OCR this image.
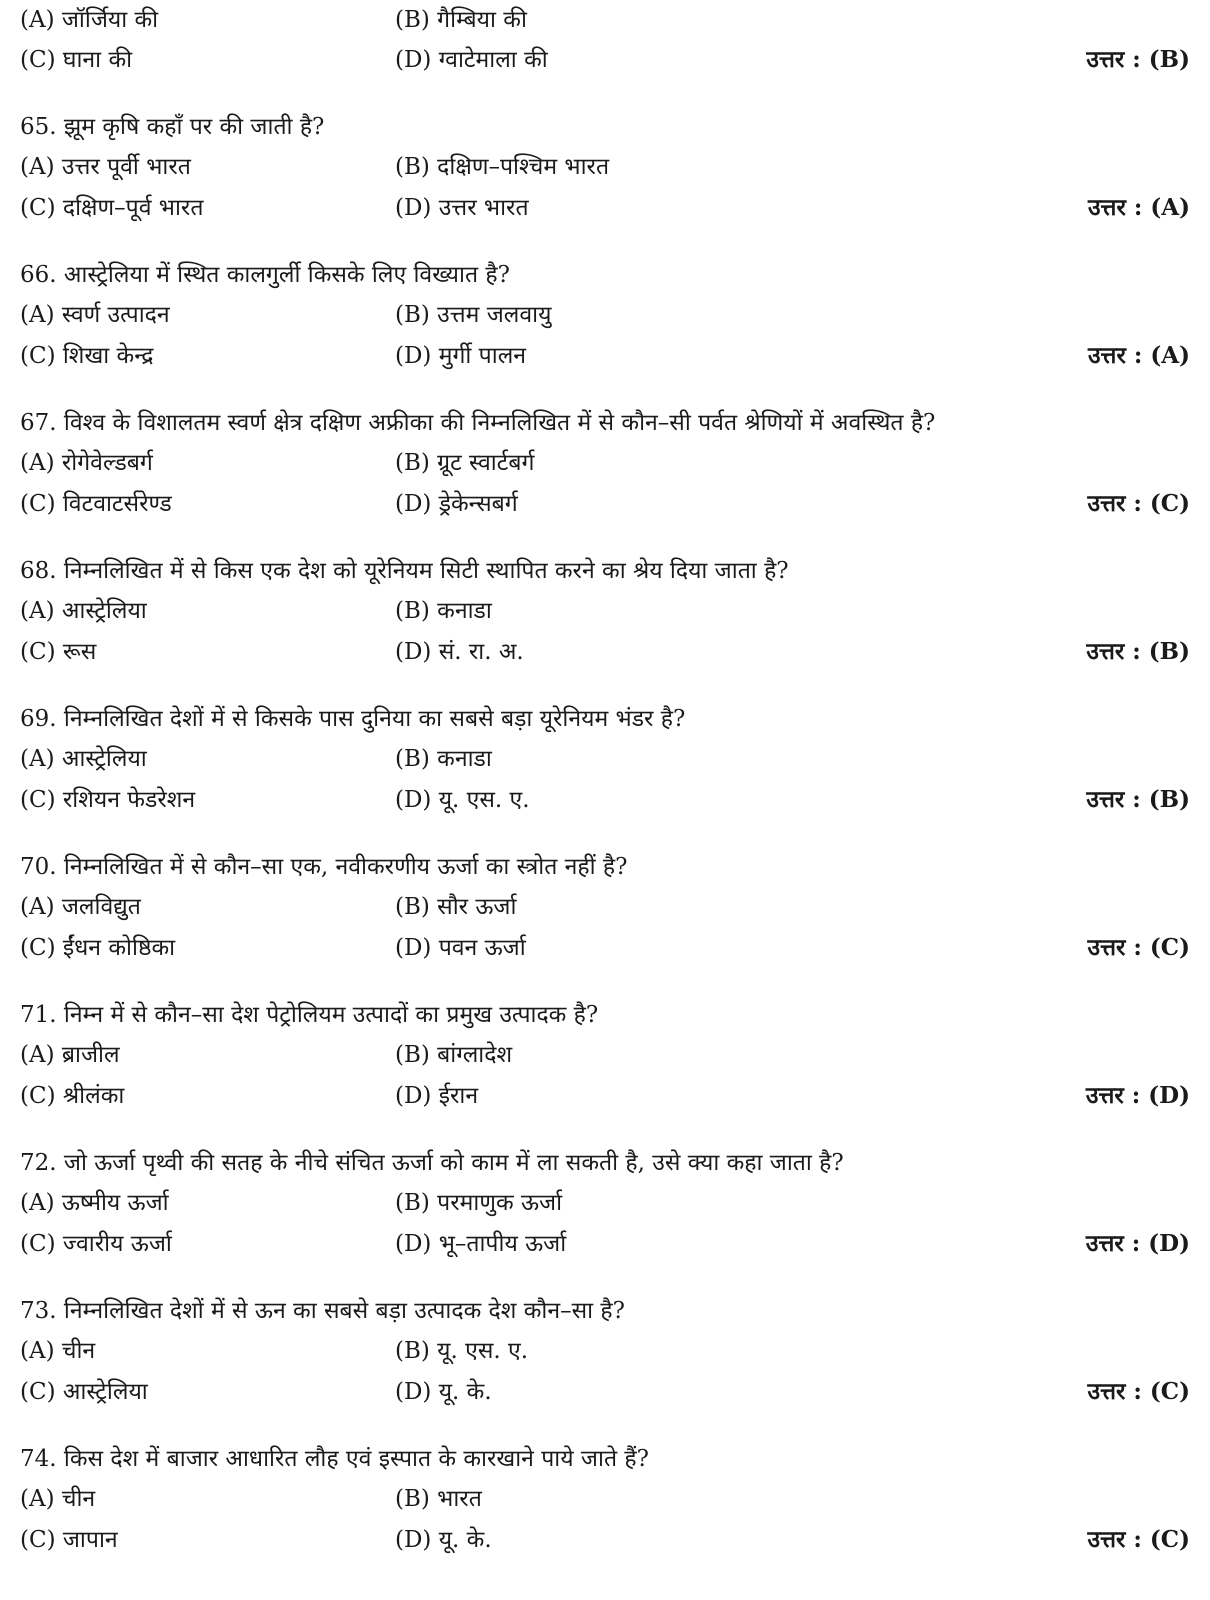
(A) जॉर्जिया की	(B) गैम्बिया की
(C) घाना की	(D) ग्वाटेमाला की	उत्तर : (B)
65. झूम कृषि कहाँ पर की जाती है?
(A) उत्तर पूर्वी भारत	(B) दक्षिण–पश्चिम भारत
(C) दक्षिण–पूर्व भारत	(D) उत्तर भारत	उत्तर : (A)
66. आस्ट्रेलिया में स्थित कालगुर्ली किसके लिए विख्यात है?
(A) स्वर्ण उत्पादन	(B) उत्तम जलवायु
(C) शिखा केन्द्र	(D) मुर्गी पालन	उत्तर : (A)
67. विश्व के विशालतम स्वर्ण क्षेत्र दक्षिण अफ्रीका की निम्नलिखित में से कौन–सी पर्वत श्रेणियों में अवस्थित है?
(A) रोगेवेल्डबर्ग	(B) ग्रूट स्वार्टबर्ग
(C) विटवाटर्सरेण्ड	(D) ड्रेकेन्सबर्ग	उत्तर : (C)
68. निम्नलिखित में से किस एक देश को यूरेनियम सिटी स्थापित करने का श्रेय दिया जाता है?
(A) आस्ट्रेलिया	(B) कनाडा
(C) रूस	(D) सं. रा. अ.	उत्तर : (B)
69. निम्नलिखित देशों में से किसके पास दुनिया का सबसे बड़ा यूरेनियम भंडर है?
(A) आस्ट्रेलिया	(B) कनाडा
(C) रशियन फेडरेशन	(D) यू. एस. ए.	उत्तर : (B)
70. निम्नलिखित में से कौन–सा एक, नवीकरणीय ऊर्जा का स्त्रोत नहीं है?
(A) जलविद्युत	(B) सौर ऊर्जा
(C) ईंधन कोष्ठिका	(D) पवन ऊर्जा	उत्तर : (C)
71. निम्न में से कौन–सा देश पेट्रोलियम उत्पादों का प्रमुख उत्पादक है?
(A) ब्राजील	(B) बांग्लादेश
(C) श्रीलंका	(D) ईरान	उत्तर : (D)
72. जो ऊर्जा पृथ्वी की सतह के नीचे संचित ऊर्जा को काम में ला सकती है, उसे क्या कहा जाता है?
(A) ऊष्मीय ऊर्जा	(B) परमाणुक ऊर्जा
(C) ज्वारीय ऊर्जा	(D) भू–तापीय ऊर्जा	उत्तर : (D)
73. निम्नलिखित देशों में से ऊन का सबसे बड़ा उत्पादक देश कौन–सा है?
(A) चीन	(B) यू. एस. ए.
(C) आस्ट्रेलिया	(D) यू. के.	उत्तर : (C)
74. किस देश में बाजार आधारित लौह एवं इस्पात के कारखाने पाये जाते हैं?
(A) चीन	(B) भारत
(C) जापान	(D) यू. के.	उत्तर : (C)
